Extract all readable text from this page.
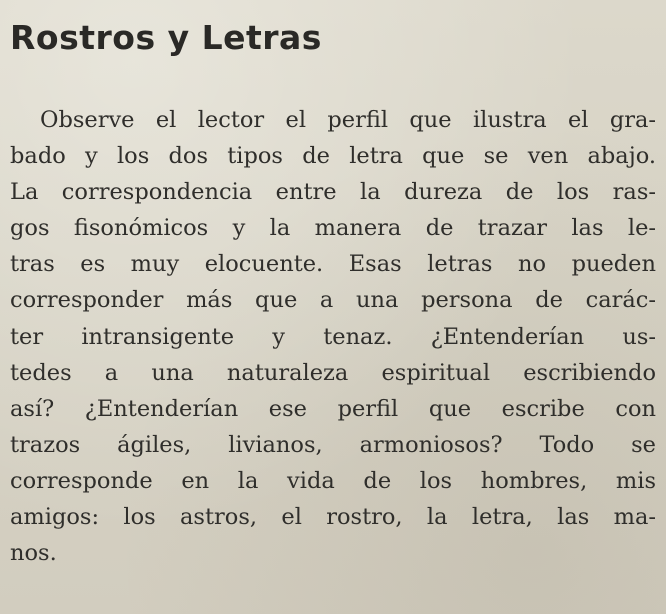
Rostros y Letras
Observe el lector el perfil que ilustra el gra-
bado y los dos tipos de letra que se ven abajo.
La correspondencia entre la dureza de los ras-
gos fisonómicos y la manera de trazar las le-
tras es muy elocuente. Esas letras no pueden
corresponder más que a una persona de carác-
ter intransigente y tenaz. ¿Entenderían us-
tedes a una naturaleza espiritual escribiendo
así? ¿Entenderían ese perfil que escribe con
trazos ágiles, livianos, armoniosos? Todo se
corresponde en la vida de los hombres, mis
amigos: los astros, el rostro, la letra, las ma-
nos.
